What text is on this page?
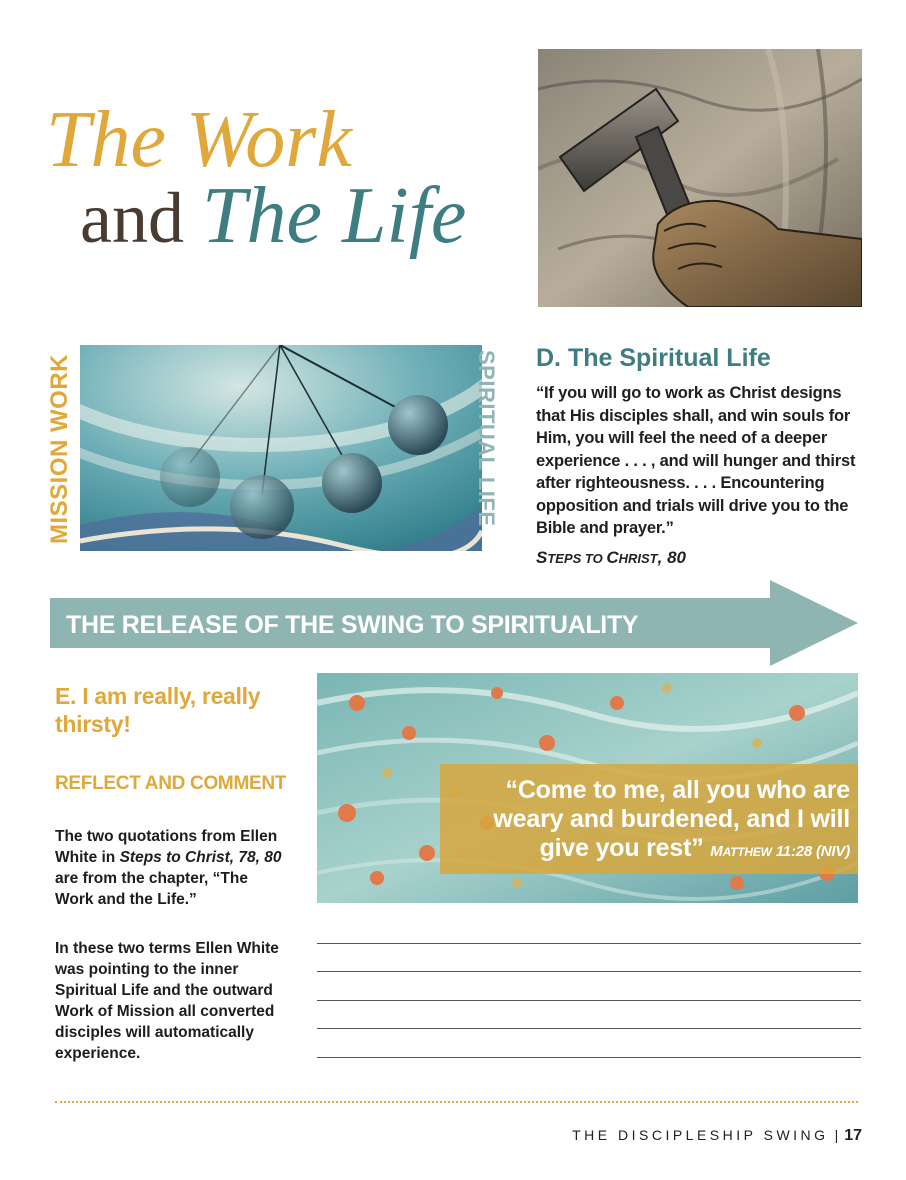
The Work
and The Life
MISSION WORK	SPIRITUAL LIFE D. The Spiritual Life
“If you will go to work as Christ designs that His disciples shall, and win souls for Him, you will feel the need of a deeper experience . . . , and will hunger and thirst after righteousness. . . . Encountering opposition and trials will drive you to the Bible and prayer.”
STEPS TO CHRIST, 80
THE RELEASE OF THE SWING TO SPIRITUALITY
E. I am really, really thirsty!
REFLECT AND COMMENT
The two quotations from Ellen White in Steps to Christ, 78, 80 are from the chapter, “The Work and the Life.”
In these two terms Ellen White was pointing to the inner Spiritual Life and the outward Work of Mission all converted disciples will automatically experience.
“Come to me, all you who are weary and burdened, and I will give you rest” MATTHEW 11:28 (NIV)
THE DISCIPLESHIP SWING | 17
